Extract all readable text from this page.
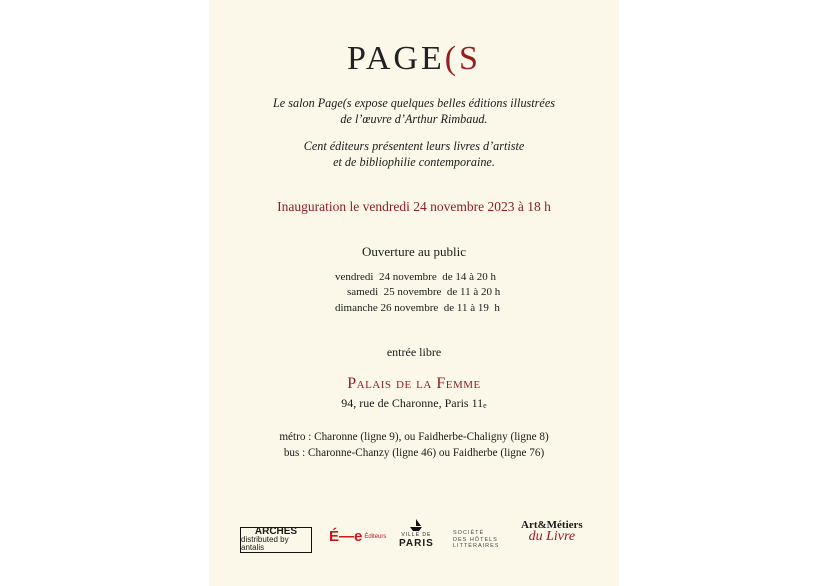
PAGE(S
Le salon Page(s expose quelques belles éditions illustrées
de l’œuvre d’Arthur Rimbaud.
Cent éditeurs présentent leurs livres d’artiste
et de bibliophilie contemporaine.
Inauguration le vendredi 24 novembre 2023 à 18 h
Ouverture au public
vendredi  24 novembre  de 14 à 20 h
samedi  25 novembre  de 11 à 20 h
dimanche 26 novembre  de 11 à 19  h
entrée libre
Palais de la Femme
94, rue de Charonne, Paris $11_e$
métro : Charonne (ligne 9), ou Faidherbe-Chaligny (ligne 8)
bus : Charonne-Chanzy (ligne 46) ou Faidherbe (ligne 76)
ARCHES
distributed by antalis
É—e Éditeurs	VILLE DE
PARIS
SOCIÉTÉ
DES HÔTELS
LITTÉRAIRES
Art&Métiers
du Livre
